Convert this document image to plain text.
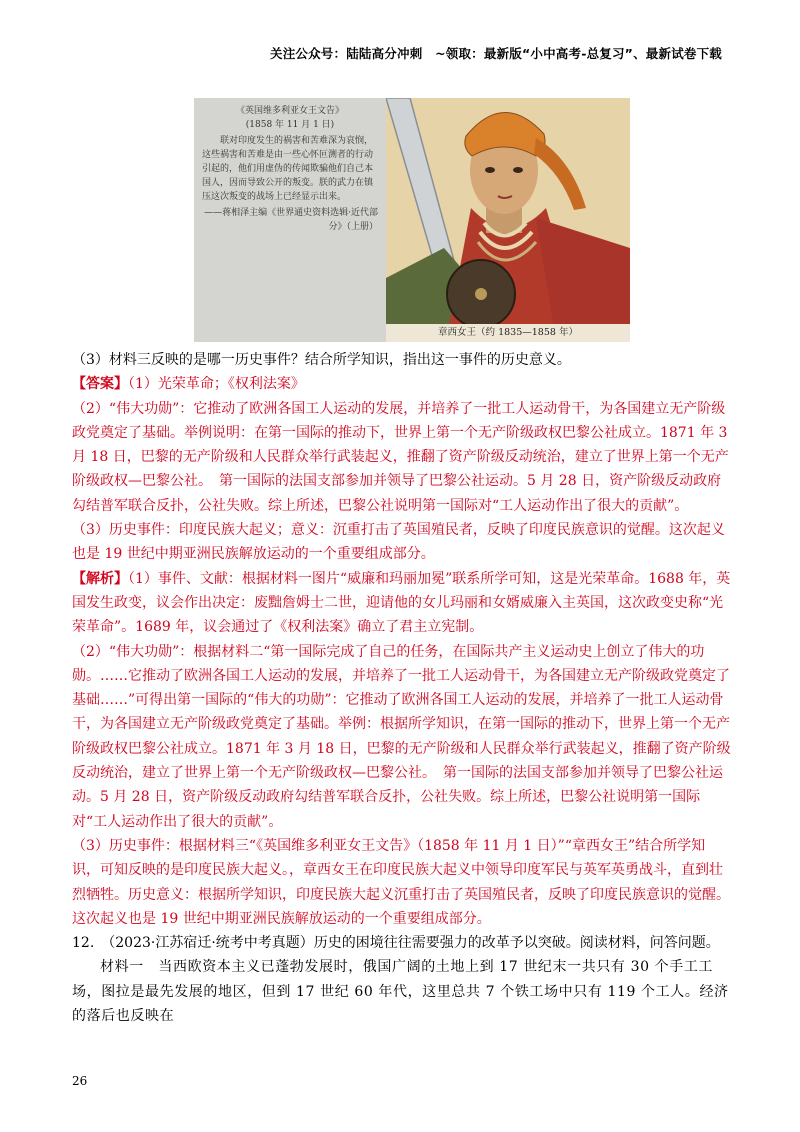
关注公众号：陆陆高分冲刺　~领取：最新版“小中高考-总复习”、最新试卷下载
《英国维多利亚女王文告》
(1858 年 11 月 1 日)
联对印度发生的祸害和苦难深为哀悯，这些祸害和苦难是由一些心怀叵测者的行动引起的，他们用虚伪的传闻欺骗他们自己本国人，因而导致公开的叛变。朕的武力在镇压这次叛变的战场上已经显示出来。
——蒋相泽主编《世界通史资料选辑·近代部分》（上册）
章西女王（约 1835—1858 年）

（3）材料三反映的是哪一历史事件？结合所学知识，指出这一事件的历史意义。

【答案】（1）光荣革命；《权利法案》

（2）“伟大功勋”：它推动了欧洲各国工人运动的发展，并培养了一批工人运动骨干，为各国建立无产阶级政党奠定了基础。举例说明：在第一国际的推动下，世界上第一个无产阶级政权巴黎公社成立。1871 年 3 月 18 日，巴黎的无产阶级和人民群众举行武装起义，推翻了资产阶级反动统治，建立了世界上第一个无产阶级政权—巴黎公社。　第一国际的法国支部参加并领导了巴黎公社运动。5 月 28 日，资产阶级反动政府勾结普军联合反扑，公社失败。综上所述，巴黎公社说明第一国际对“工人运动作出了很大的贡献”。

（3）历史事件：印度民族大起义；意义：沉重打击了英国殖民者，反映了印度民族意识的觉醒。这次起义也是 19 世纪中期亚洲民族解放运动的一个重要组成部分。

【解析】（1）事件、文献：根据材料一图片“威廉和玛丽加冕”联系所学可知，这是光荣革命。1688 年，英国发生政变，议会作出决定：废黜詹姆士二世，迎请他的女儿玛丽和女婿威廉入主英国，这次政变史称“光荣革命”。1689 年，议会通过了《权利法案》确立了君主立宪制。

（2）“伟大功勋”：根据材料二“第一国际完成了自己的任务，在国际共产主义运动史上创立了伟大的功勋。……它推动了欧洲各国工人运动的发展，并培养了一批工人运动骨干，为各国建立无产阶级政党奠定了基础……”可得出第一国际的“伟大的功勋”：它推动了欧洲各国工人运动的发展，并培养了一批工人运动骨干，为各国建立无产阶级政党奠定了基础。举例：根据所学知识，在第一国际的推动下，世界上第一个无产阶级政权巴黎公社成立。1871 年 3 月 18 日，巴黎的无产阶级和人民群众举行武装起义，推翻了资产阶级反动统治，建立了世界上第一个无产阶级政权—巴黎公社。　第一国际的法国支部参加并领导了巴黎公社运动。5 月 28 日，资产阶级反动政府勾结普军联合反扑，公社失败。综上所述，巴黎公社说明第一国际对“工人运动作出了很大的贡献”。

（3）历史事件：根据材料三“《英国维多利亚女王文告》（1858 年 11 月 1 日）”“章西女王”结合所学知识，可知反映的是印度民族大起义。，章西女王在印度民族大起义中领导印度军民与英军英勇战斗，直到壮烈牺牲。历史意义：根据所学知识，印度民族大起义沉重打击了英国殖民者，反映了印度民族意识的觉醒。这次起义也是 19 世纪中期亚洲民族解放运动的一个重要组成部分。

12.　（2023·江苏宿迁·统考中考真题）历史的困境往往需要强力的改革予以突破。阅读材料，问答问题。

材料一　当西欧资本主义已蓬勃发展时，俄国广阔的土地上到 17 世纪末一共只有 30 个手工工场，图拉是最先发展的地区，但到 17 世纪 60 年代，这里总共 7 个铁工场中只有 119 个工人。经济的落后也反映在

26
